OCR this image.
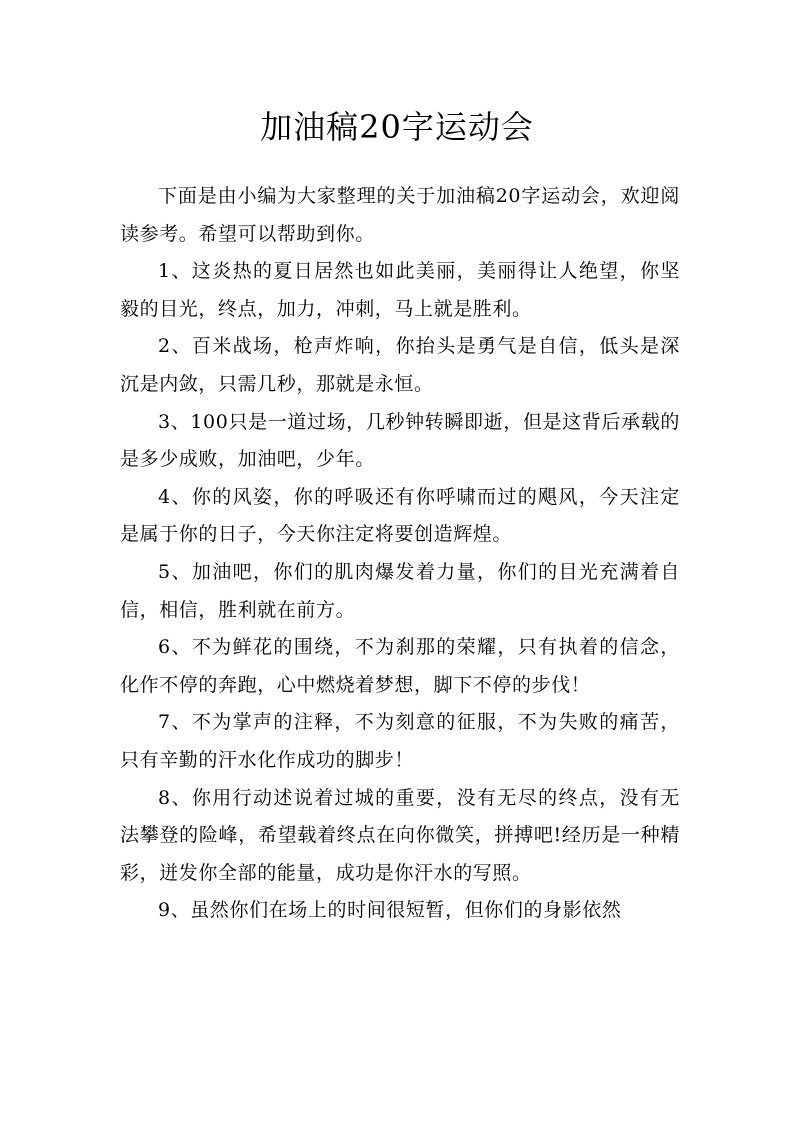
加油稿20字运动会

下面是由小编为大家整理的关于加油稿20字运动会，欢迎阅读参考。希望可以帮助到你。

1、这炎热的夏日居然也如此美丽，美丽得让人绝望，你坚毅的目光，终点，加力，冲刺，马上就是胜利。

2、百米战场，枪声炸响，你抬头是勇气是自信，低头是深沉是内敛，只需几秒，那就是永恒。

3、100只是一道过场，几秒钟转瞬即逝，但是这背后承载的是多少成败，加油吧，少年。

4、你的风姿，你的呼吸还有你呼啸而过的飓风，今天注定是属于你的日子，今天你注定将要创造辉煌。

5、加油吧，你们的肌肉爆发着力量，你们的目光充满着自信，相信，胜利就在前方。

6、不为鲜花的围绕，不为刹那的荣耀，只有执着的信念，化作不停的奔跑，心中燃烧着梦想，脚下不停的步伐！

7、不为掌声的注释，不为刻意的征服，不为失败的痛苦，只有辛勤的汗水化作成功的脚步！

8、你用行动述说着过城的重要，没有无尽的终点，没有无法攀登的险峰，希望载着终点在向你微笑，拼搏吧!经历是一种精彩，迸发你全部的能量，成功是你汗水的写照。

9、虽然你们在场上的时间很短暂，但你们的身影依然
